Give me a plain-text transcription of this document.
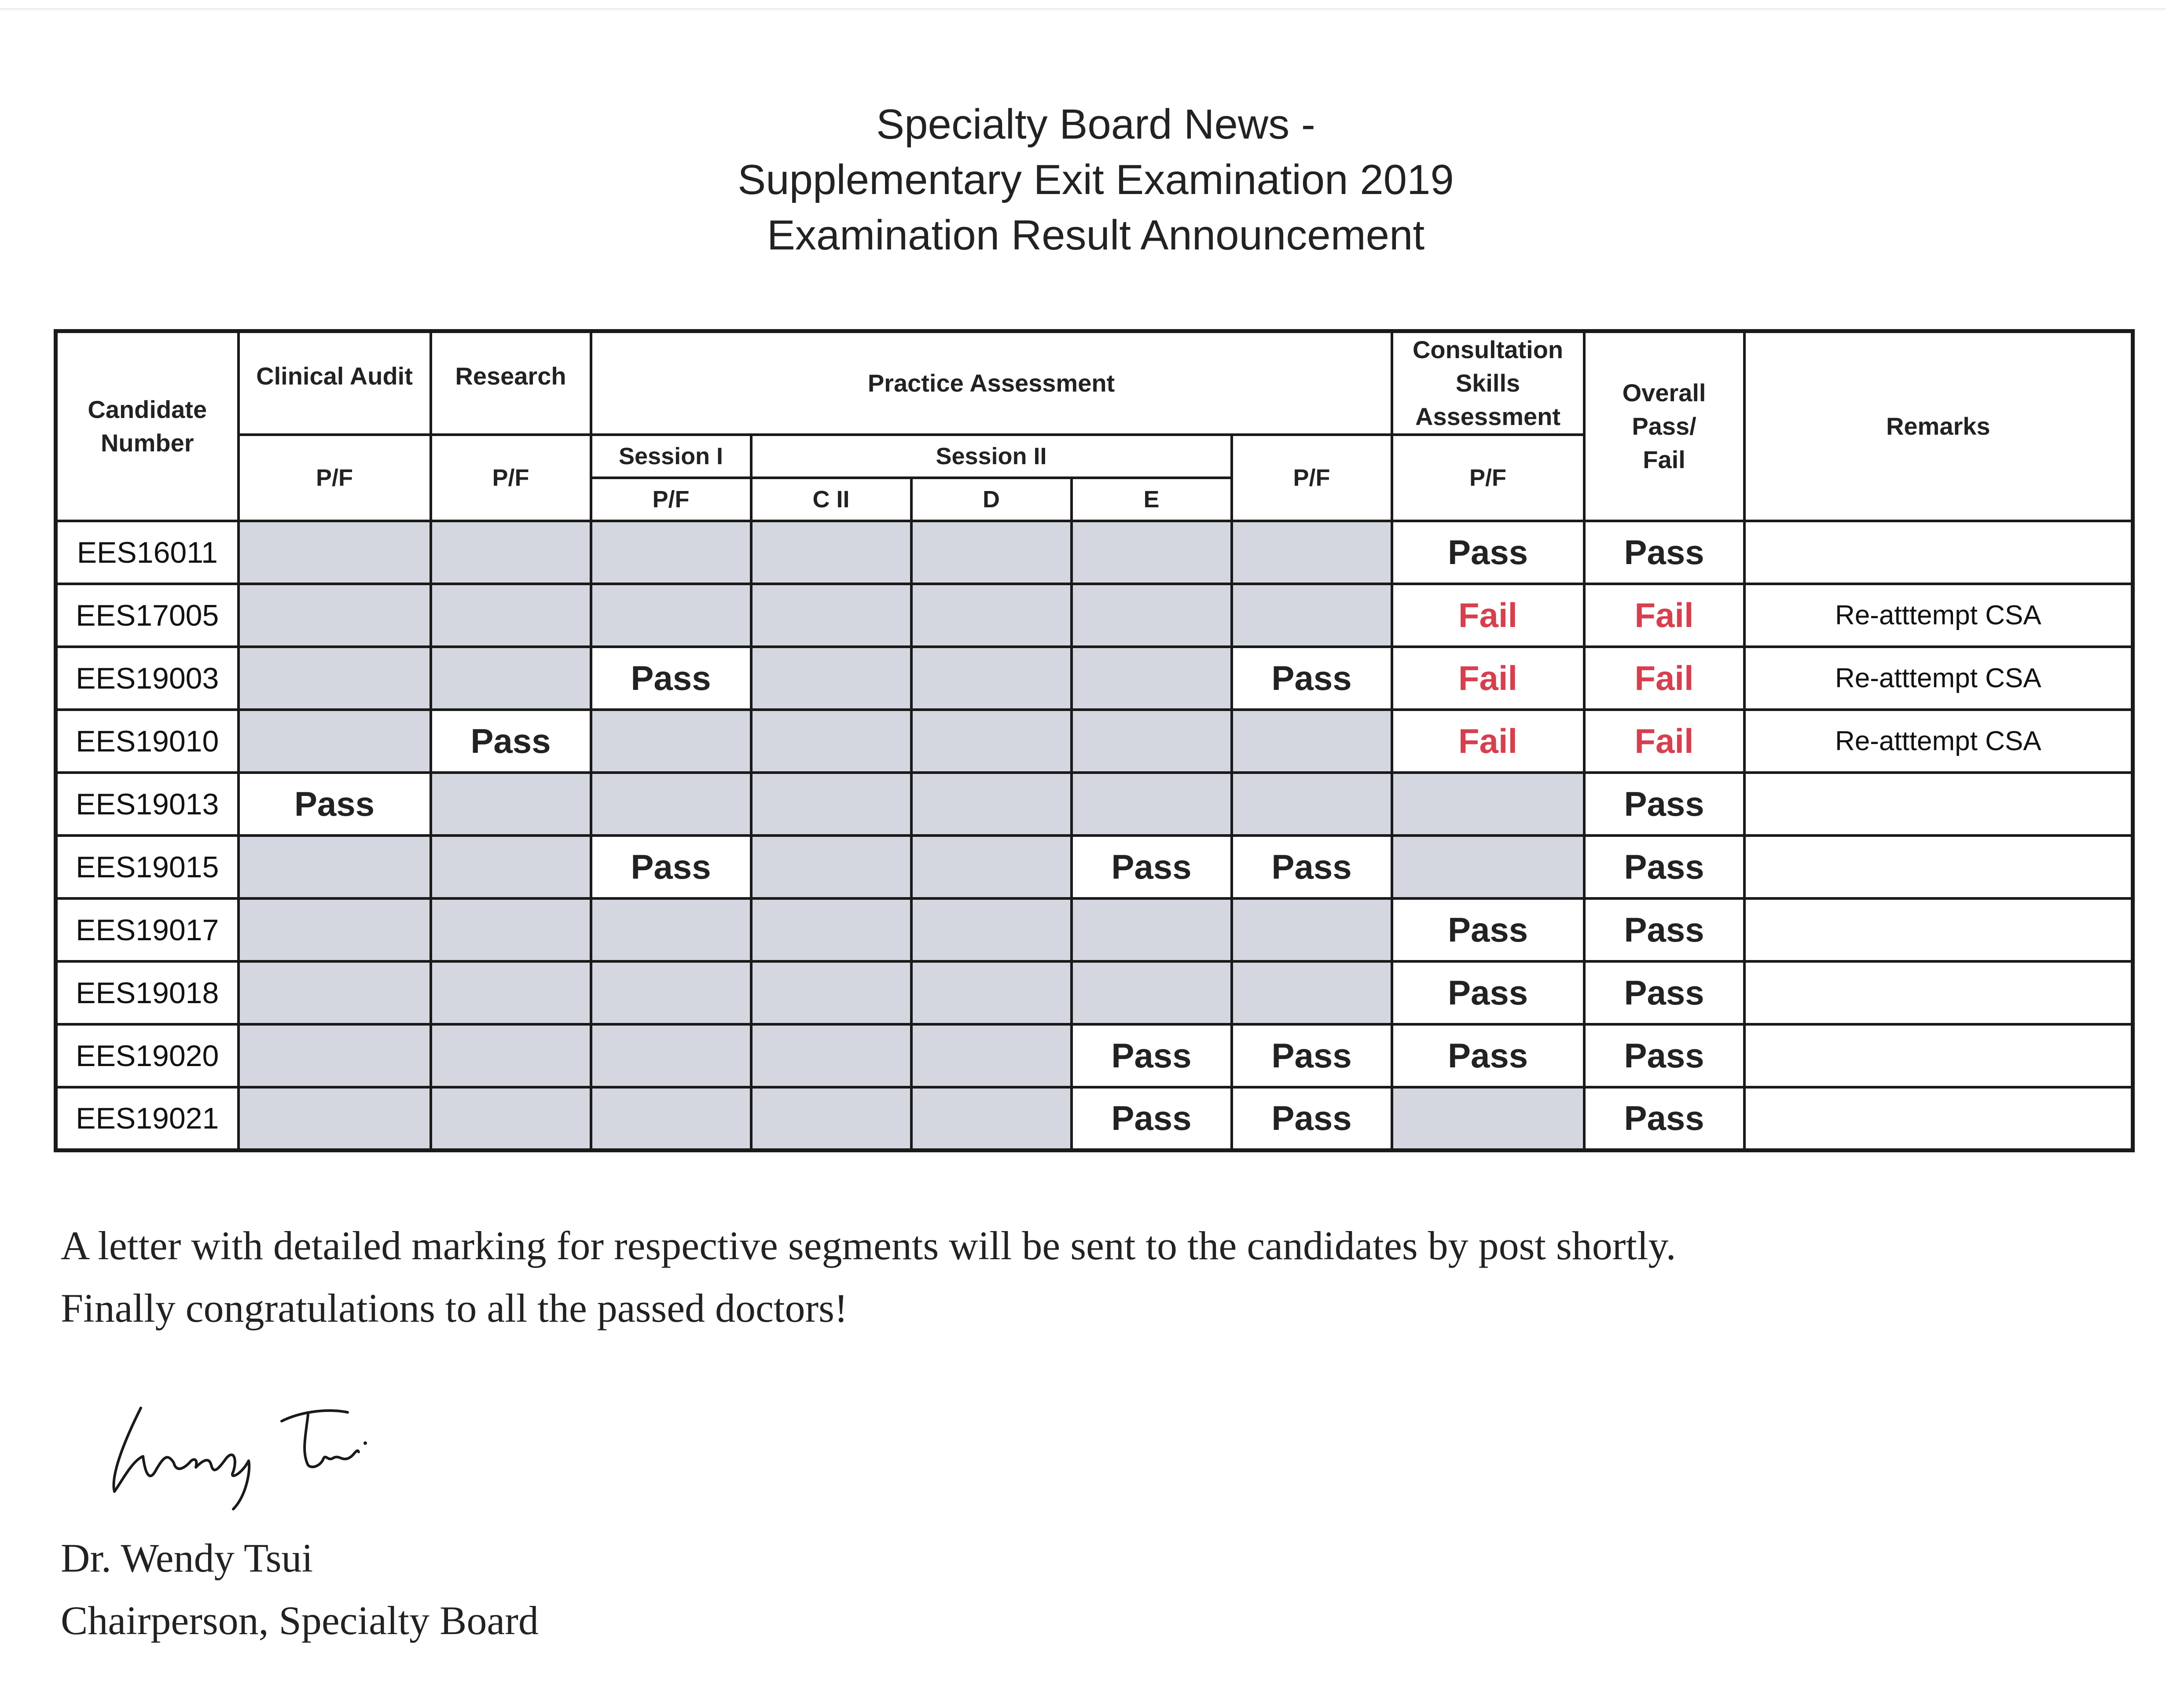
Specialty Board News -
Supplementary Exit Examination 2019
Examination Result Announcement
Candidate Number	Clinical Audit	Research	Practice Assessment					Consultation Skills Assessment	Overall Pass/ Fail	Remarks
	P/F	P/F	Session I	Session II			P/F	P/F		
			P/F	C II	D	E				
EES16011								Pass	Pass	
EES17005								Fail	Fail	Re-atttempt CSA
EES19003			Pass				Pass	Fail	Fail	Re-atttempt CSA
EES19010		Pass						Fail	Fail	Re-atttempt CSA
EES19013	Pass								Pass	
EES19015			Pass			Pass	Pass		Pass	
EES19017								Pass	Pass	
EES19018								Pass	Pass	
EES19020						Pass	Pass	Pass	Pass	
EES19021						Pass	Pass		Pass	
A letter with detailed marking for respective segments will be sent to the candidates by post shortly.
Finally congratulations to all the passed doctors!
Dr. Wendy Tsui
Chairperson, Specialty Board
